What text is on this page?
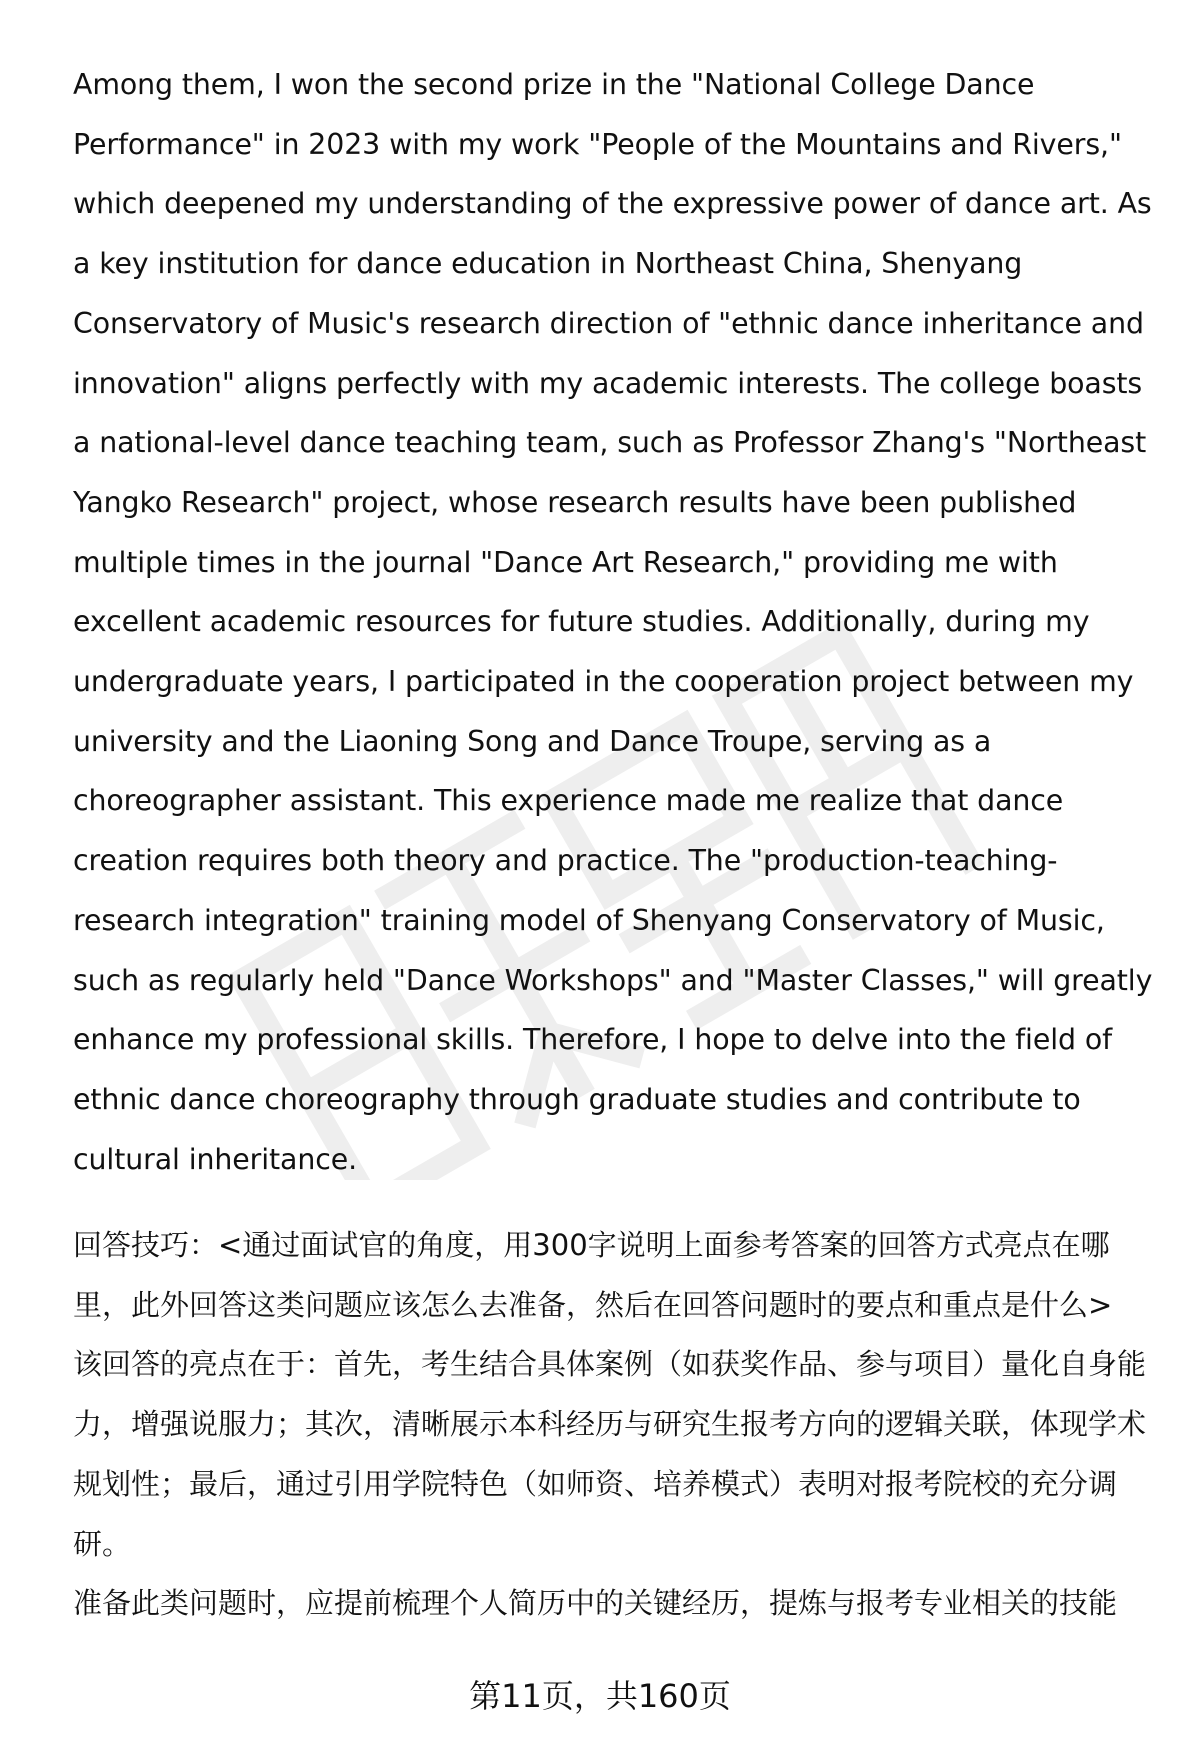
Among them, I won the second prize in the "National College Dance Performance" in 2023 with my work "People of the Mountains and Rivers," which deepened my understanding of the expressive power of dance art. As a key institution for dance education in Northeast China, Shenyang Conservatory of Music's research direction of "ethnic dance inheritance and innovation" aligns perfectly with my academic interests. The college boasts a national-level dance teaching team, such as Professor Zhang's "Northeast Yangko Research" project, whose research results have been published multiple times in the journal "Dance Art Research," providing me with excellent academic resources for future studies. Additionally, during my undergraduate years, I participated in the cooperation project between my university and the Liaoning Song and Dance Troupe, serving as a choreographer assistant. This experience made me realize that dance creation requires both theory and practice. The "production-teaching-research integration" training model of Shenyang Conservatory of Music, such as regularly held "Dance Workshops" and "Master Classes," will greatly enhance my professional skills. Therefore, I hope to delve into the field of ethnic dance choreography through graduate studies and contribute to cultural inheritance.

回答技巧：<通过面试官的角度，用300字说明上面参考答案的回答方式亮点在哪里，此外回答这类问题应该怎么去准备，然后在回答问题时的要点和重点是什么>

该回答的亮点在于：首先，考生结合具体案例（如获奖作品、参与项目）量化自身能力，增强说服力；其次，清晰展示本科经历与研究生报考方向的逻辑关联，体现学术规划性；最后，通过引用学院特色（如师资、培养模式）表明对报考院校的充分调研。

准备此类问题时，应提前梳理个人简历中的关键经历，提炼与报考专业相关的技能

第11页，共160页
